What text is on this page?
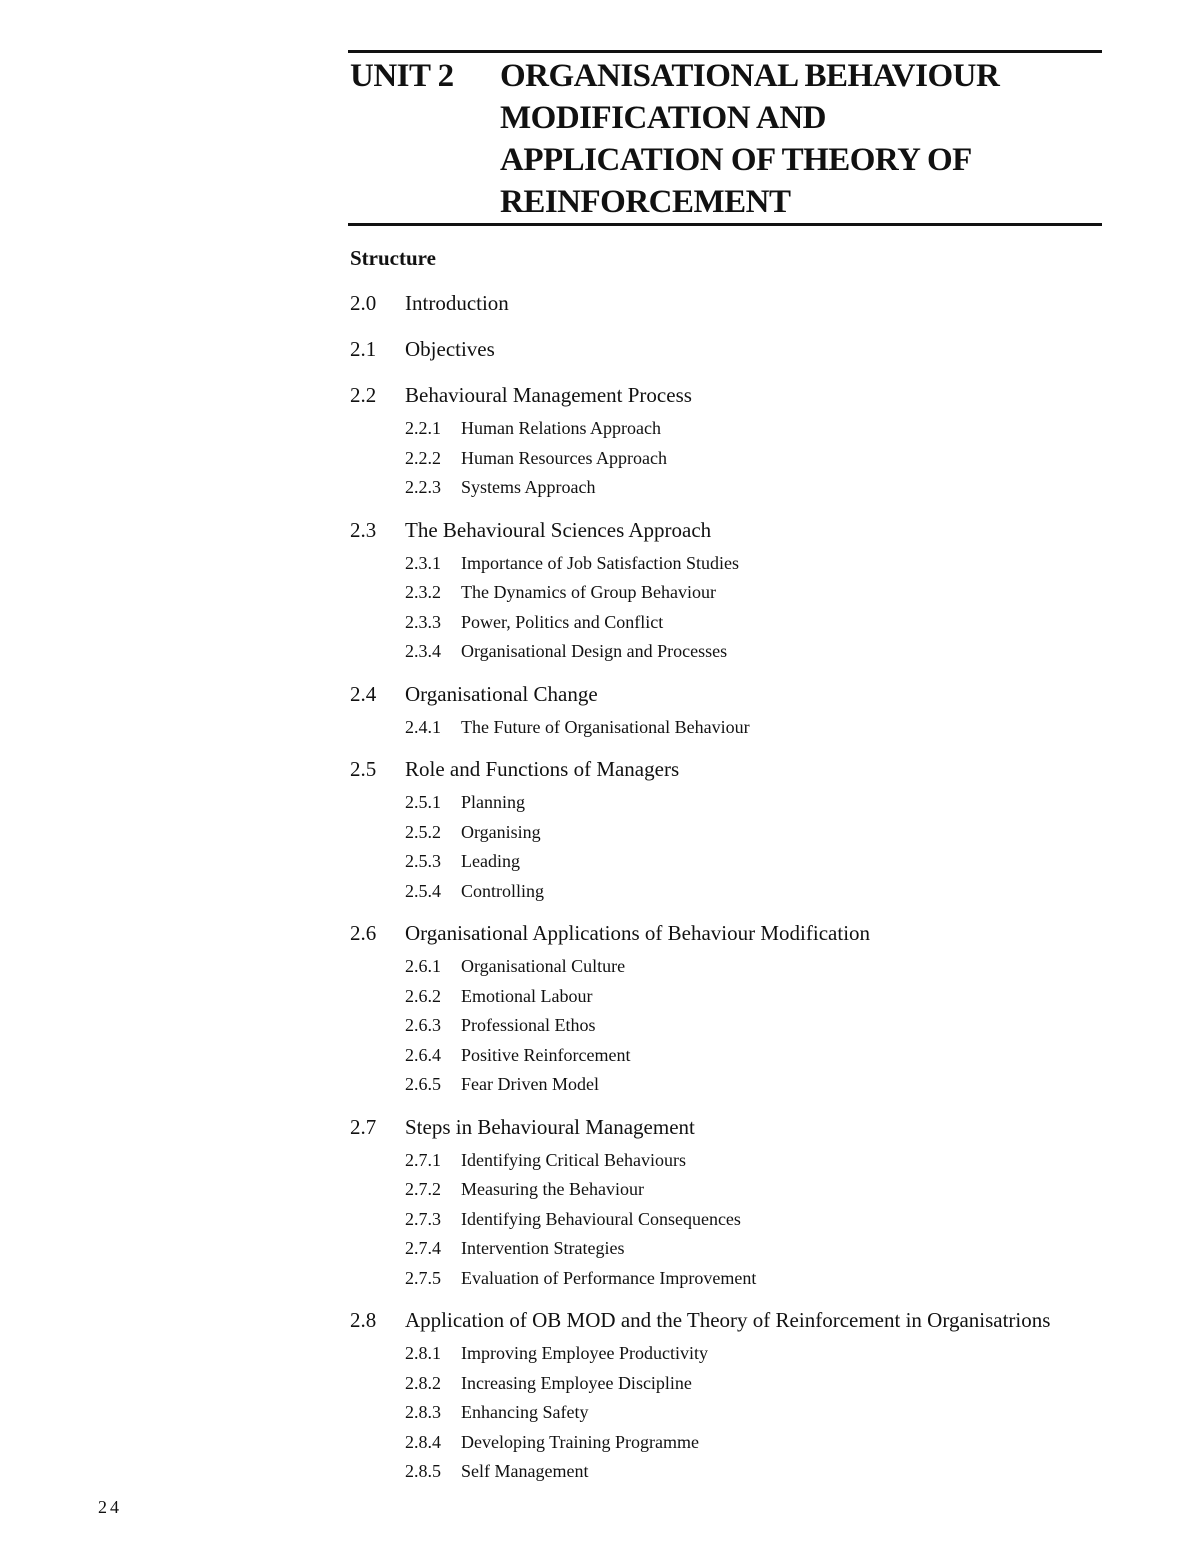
UNIT 2 ORGANISATIONAL BEHAVIOUR
MODIFICATION AND
APPLICATION OF THEORY OF
REINFORCEMENT
Structure
2.0	Introduction
2.1	Objectives
2.2	Behavioural Management Process
2.2.1	Human Relations Approach
2.2.2	Human Resources Approach
2.2.3	Systems Approach
2.3	The Behavioural Sciences Approach
2.3.1	Importance of Job Satisfaction Studies
2.3.2	The Dynamics of Group Behaviour
2.3.3	Power, Politics and Conflict
2.3.4	Organisational Design and Processes
2.4	Organisational Change
2.4.1	The Future of Organisational Behaviour
2.5	Role and Functions of Managers
2.5.1	Planning
2.5.2	Organising
2.5.3	Leading
2.5.4	Controlling
2.6	Organisational Applications of Behaviour Modification
2.6.1	Organisational Culture
2.6.2	Emotional Labour
2.6.3	Professional Ethos
2.6.4	Positive Reinforcement
2.6.5	Fear Driven Model
2.7	Steps in Behavioural Management
2.7.1	Identifying Critical Behaviours
2.7.2	Measuring the Behaviour
2.7.3	Identifying Behavioural Consequences
2.7.4	Intervention Strategies
2.7.5	Evaluation of Performance Improvement
2.8	Application of OB MOD and the Theory of Reinforcement in Organisatrions
2.8.1	Improving Employee Productivity
2.8.2	Increasing Employee Discipline
2.8.3	Enhancing Safety
2.8.4	Developing Training Programme
2.8.5	Self Management
24
